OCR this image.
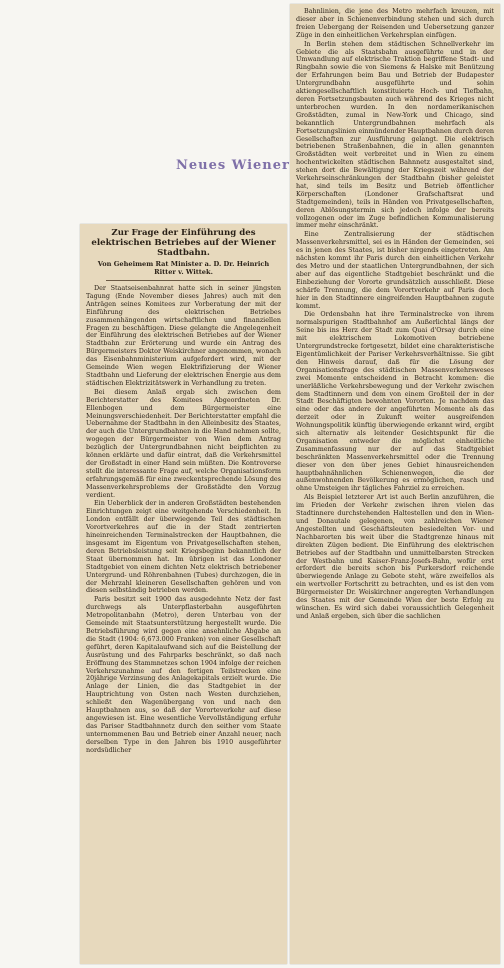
Neues Wiener
Zur Frage der Einführung des elektrischen Betriebes auf der Wiener Stadtbahn.
Von Geheimem Rat Minister a. D. Dr. Heinrich Ritter v. Wittek.

Der Staatseisenbahnrat hatte sich in seiner jüngsten Tagung (Ende November dieses Jahres) auch mit den Anträgen seines Komitees zur Vorberatung der mit der Einführung des elektrischen Betriebes zusammenhängenden wirtschaftlichen und finanziellen Fragen zu beschäftigen. Diese gelangte die Angelegenheit der Einführung des elektrischen Betriebes auf der Wiener Stadtbahn zur Erörterung und wurde ein Antrag des Bürgermeisters Doktor Weiskirchner angenommen, wonach das Eisenbahnministerium aufgefordert wird, mit der Gemeinde Wien wegen Elektrifizierung der Wiener Stadtbahn und Lieferung der elektrischen Energie aus dem städtischen Elektrizitätswerk in Verhandlung zu treten.

Bei diesem Anlaß ergab sich zwischen dem Berichterstatter des Komitees Abgeordneten Dr. Ellenbogen und dem Bürgermeister eine Meinungsverschiedenheit. Der Berichterstatter empfahl die Uebernahme der Stadtbahn in den Alleinbesitz des Staates, der auch die Untergrundbahnen in die Hand nehmen sollte, wogegen der Bürgermeister von Wien dem Antrag bezüglich der Untergrundbahnen nicht beipflichten zu können erklärte und dafür eintrat, daß die Verkehrsmittel der Großstadt in einer Hand sein müßten. Die Kontroverse stellt die interessante Frage auf, welche Organisationsform erfahrungsgemäß für eine zweckentsprechende Lösung des Massenverkehrsproblems der Großstädte den Vorzug verdient.

Ein Ueberblick der in anderen Großstädten bestehenden Einrichtungen zeigt eine weitgehende Verschiedenheit. In London entfällt der überwiegende Teil des städtischen Vorortverkehres auf die in der Stadt zentrierten hineinreichenden Terminalstrecken der Hauptbahnen, die insgesamt im Eigentum von Privatgesellschaften stehen, deren Betriebsleistung seit Kriegsbeginn bekanntlich der Staat übernommen hat. Im übrigen ist das Londoner Stadtgebiet von einem dichten Netz elektrisch betriebener Untergrund- und Röhrenbahnen (Tubes) durchzogen, die in der Mehrzahl kleineren Gesellschaften gehören und von diesen selbständig betrieben werden.

Paris besitzt seit 1900 das ausgedehnte Netz der fast durchwegs als Unterpflasterbahn ausgeführten Metropolitanbahn (Metro), deren Unterbau von der Gemeinde mit Staatsunterstützung hergestellt wurde. Die Betriebsführung wird gegen eine ansehnliche Abgabe an die Stadt (1904: 6,673.000 Franken) von einer Gesellschaft geführt, deren Kapitalaufwand sich auf die Beistellung der Ausrüstung und des Fahrparks beschränkt, so daß nach Eröffnung des Stammnetzes schon 1904 infolge der reichen Verkehrszunahme auf den fertigen Teilstrecken eine 20jährige Verzinsung des Anlagekapitals erzielt wurde. Die Anlage der Linien, die das Stadtgebiet in der Hauptrichtung von Osten nach Westen durchziehen, schließt den Wagenübergang von und nach den Hauptbahnen aus, so daß der Vororteverkehr auf diese angewiesen ist. Eine wesentliche Vervollständigung erfuhr das Pariser Stadtbahnnetz durch den seither vom Staate unternommenen Bau und Betrieb einer Anzahl neuer, nach derselben Type in den Jahren bis 1910 ausgeführter nordsüdlicher

Bahnlinien, die jene des Metro mehrfach kreuzen, mit dieser aber in Schienenverbindung stehen und sich durch freien Uebergang der Reisenden und Uebersetzung ganzer Züge in den einheitlichen Verkehrsplan einfügen.

In Berlin stehen dem städtischen Schnellverkehr im Gebiete die als Staatsbahn ausgeführte und in der Umwandlung auf elektrische Traktion begriffene Stadt- und Ringbahn sowie die von Siemens & Halske mit Benützung der Erfahrungen beim Bau und Betrieb der Budapester Untergrundbahn ausgeführte und sohin aktiengesellschaftlich konstituierte Hoch- und Tiefbahn, deren Fortsetzungsbauten auch während des Krieges nicht unterbrochen wurden. In den nordamerikanischen Großstädten, zumal in New-York und Chicago, sind bekanntlich Untergrundbahnen mehrfach als Fortsetzungslinien einmündender Hauptbahnen durch deren Gesellschaften zur Ausführung gelangt. Die elektrisch betriebenen Straßenbahnen, die in allen genannten Großstädten weit verbreitet und in Wien zu einem hochentwickelten städtischen Bahnnetz ausgestaltet sind, stehen dort die Bewältigung der Kriegszeit während der Verkehrseinschränkungen der Stadtbahn (bisher geleistet hat, sind teils im Besitz und Betrieb öffentlicher Körperschaften (Londoner Grafschaftsrat und Stadtgemeinden), teils in Händen von Privatgesellschaften, deren Ablösungstermin sich jedoch infolge der bereits vollzogenen oder im Zuge befindlichen Kommunalisierung immer mehr einschränkt.

Eine Zentralisierung der städtischen Massenverkehrsmittel, sei es in Händen der Gemeinden, sei es in jenen des Staates, ist bisher nirgends eingetreten. Am nächsten kommt ihr Paris durch den einheitlichen Verkehr des Metro und der staatlichen Untergrundbahnen, der sich aber auf das eigentliche Stadtgebiet beschränkt und die Einbeziehung der Vororte grundsätzlich ausschließt. Diese schärfe Trennung, die dem Vorortverkehr auf Paris doch hier in den Stadtinnere eingreifenden Hauptbahnen zugute kommt.

Die Ordensbahn hat ihre Terminalstrecke von ihrem normalspurigen Stadtbahnhof am Außerlichtal längs der Seine bis ins Herz der Stadt zum Quai d'Orsay durch eine mit elektrischem Lokomotiven betriebene Untergrundstrecke fortgesetzt, bildet eine charakteristische Eigentümlichkeit der Pariser Verkehrsverhältnisse. Sie gibt den Hinweis darauf, daß für die Lösung der Organisationsfrage des städtischen Massenverkehrsweses zwei Momente entscheidend in Betracht kommen: die unerläßliche Verkehrsbewegung und der Verkehr zwischen dem Stadtinnern und dem von einem Großteil der in der Stadt Beschäftigten bewohnten Vororten. Je nachdem das eine oder das andere der angeführten Momente als das derzeit oder in Zukunft weiter ausgreifenden Wohnungspolitik künftig überwiegende erkannt wird, ergibt sich alternativ als leitender Gesichtspunkt für die Organisation entweder die möglichst einheitliche Zusammenfassung nur der auf das Stadtgebiet beschränkten Massenverkehrsmittel oder die Trennung dieser von den über jenes Gebiet hinausreichenden hauptbahnähnlichen Schienenwegen, die der außenwohnenden Bevölkerung es ermöglichen, rasch und ohne Umsteigen ihr tägliches Fahrziel zu erreichen.

Als Beispiel letzterer Art ist auch Berlin anzuführen, die im Frieden der Verkehr zwischen ihren vielen das Stadtinnere durchstehenden Haltestellen und den in Wien- und Donautale gelegenen, von zahlreichen Wiener Angestellten und Geschäftsleuten besiedelten Vor- und Nachbarorten bis weit über die Stadtgrenze hinaus mit direkten Zügen bedient. Die Einführung des elektrischen Betriebes auf der Stadtbahn und unmittelbarsten Strecken der Westbahn und Kaiser-Franz-Josefs-Bahn, wofür erst erfordert die bereits schon bis Purkersdorf reichende überwiegende Anlage zu Gebote steht, wäre zweifellos als ein wertvoller Fortschritt zu betrachten, und es ist den vom Bürgermeister Dr. Weiskirchner angeregten Verhandlungen des Staates mit der Gemeinde Wien der beste Erfolg zu wünschen. Es wird sich dabei voraussichtlich Gelegenheit und Anlaß ergeben, sich über die sachlichen
